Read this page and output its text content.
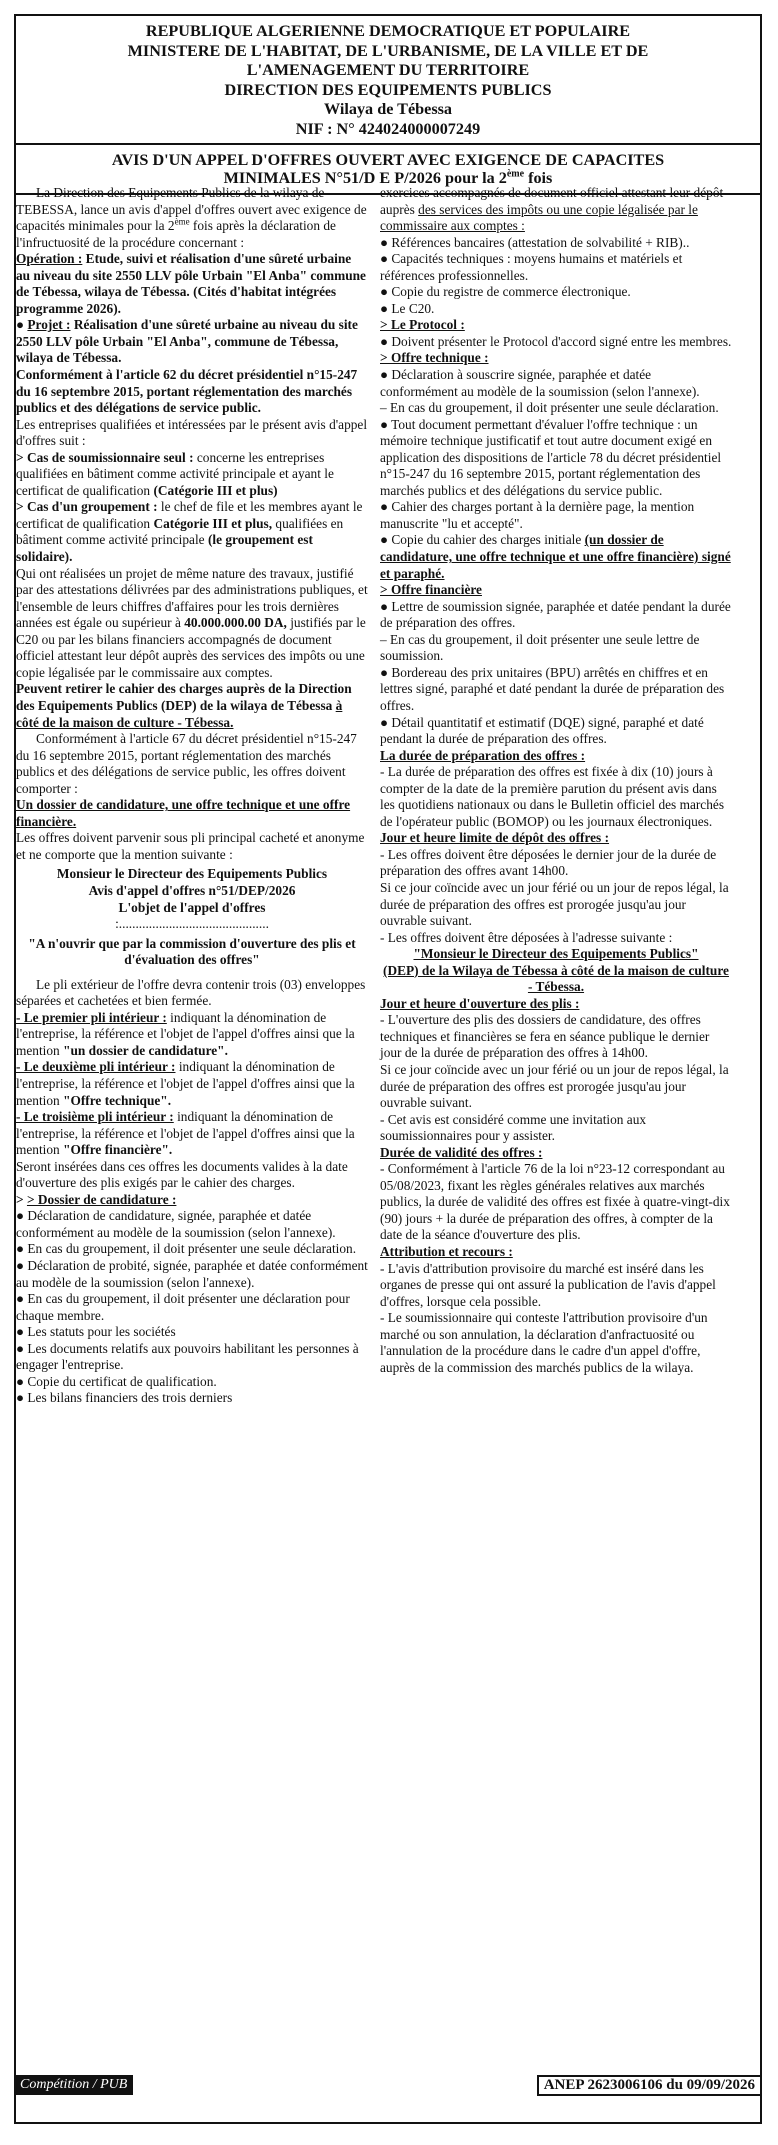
REPUBLIQUE ALGERIENNE DEMOCRATIQUE ET POPULAIRE
MINISTERE DE L'HABITAT, DE L'URBANISME, DE LA VILLE ET DE
L'AMENAGEMENT DU TERRITOIRE
DIRECTION DES EQUIPEMENTS PUBLICS
Wilaya de Tébessa
NIF : N° 424024000007249
AVIS D'UN APPEL D'OFFRES OUVERT AVEC EXIGENCE DE CAPACITES
MINIMALES N°51/D E P/2026 pour la 2ème fois

La Direction des Equipements Publics de la wilaya de TEBESSA, lance un avis d'appel d'offres ouvert avec exigence de capacités minimales pour la 2ème fois après la déclaration de l'infructuosité de la procédure concernant :

Opération : Etude, suivi et réalisation d'une sûreté urbaine au niveau du site 2550 LLV pôle Urbain "El Anba" commune de Tébessa, wilaya de Tébessa. (Cités d'habitat intégrées programme 2026).

● Projet : Réalisation d'une sûreté urbaine au niveau du site 2550 LLV pôle Urbain "El Anba", commune de Tébessa, wilaya de Tébessa.

Conformément à l'article 62 du décret présidentiel n°15-247 du 16 septembre 2015, portant réglementation des marchés publics et des délégations de service public.

Les entreprises qualifiées et intéressées par le présent avis d'appel d'offres suit :

> Cas de soumissionnaire seul : concerne les entreprises qualifiées en bâtiment comme activité principale et ayant le certificat de qualification (Catégorie III et plus)

> Cas d'un groupement : le chef de file et les membres ayant le certificat de qualification Catégorie III et plus, qualifiées en bâtiment comme activité principale (le groupement est solidaire).

Qui ont réalisées un projet de même nature des travaux, justifié par des attestations délivrées par des administrations publiques, et l'ensemble de leurs chiffres d'affaires pour les trois dernières années est égale ou supérieur à 40.000.000.00 DA, justifiés par le C20 ou par les bilans financiers accompagnés de document officiel attestant leur dépôt auprès des services des impôts ou une copie légalisée par le commissaire aux comptes.

Peuvent retirer le cahier des charges auprès de la Direction des Equipements Publics (DEP) de la wilaya de Tébessa à côté de la maison de culture - Tébessa.

Conformément à l'article 67 du décret présidentiel n°15-247 du 16 septembre 2015, portant réglementation des marchés publics et des délégations de service public, les offres doivent comporter :

Un dossier de candidature, une offre technique et une offre financière.

Les offres doivent parvenir sous pli principal cacheté et anonyme et ne comporte que la mention suivante :

Monsieur le Directeur des Equipements Publics

Avis d'appel d'offres n°51/DEP/2026

L'objet de l'appel d'offres

:.............................................

"A n'ouvrir que par la commission d'ouverture des plis et d'évaluation des offres"

Le pli extérieur de l'offre devra contenir trois (03) enveloppes séparées et cachetées et bien fermée.

- Le premier pli intérieur : indiquant la dénomination de l'entreprise, la référence et l'objet de l'appel d'offres ainsi que la mention "un dossier de candidature".

- Le deuxième pli intérieur : indiquant la dénomination de l'entreprise, la référence et l'objet de l'appel d'offres ainsi que la mention "Offre technique".

- Le troisième pli intérieur : indiquant la dénomination de l'entreprise, la référence et l'objet de l'appel d'offres ainsi que la mention "Offre financière".

Seront insérées dans ces offres les documents valides à la date d'ouverture des plis exigés par le cahier des charges.

> > Dossier de candidature :

● Déclaration de candidature, signée, paraphée et datée conformément au modèle de la soumission (selon l'annexe).

● En cas du groupement, il doit présenter une seule déclaration.

● Déclaration de probité, signée, paraphée et datée conformément au modèle de la soumission (selon l'annexe).

● En cas du groupement, il doit présenter une déclaration pour chaque membre.

● Les statuts pour les sociétés

● Les documents relatifs aux pouvoirs habilitant les personnes à engager l'entreprise.

● Copie du certificat de qualification.

● Les bilans financiers des trois derniers

exercices accompagnés de document officiel attestant leur dépôt auprès des services des impôts ou une copie légalisée par le commissaire aux comptes :

● Références bancaires (attestation de solvabilité + RIB)..

● Capacités techniques : moyens humains et matériels et références professionnelles.

● Copie du registre de commerce électronique.

● Le C20.

> Le Protocol :

● Doivent présenter le Protocol d'accord signé entre les membres.

> Offre technique :

● Déclaration à souscrire signée, paraphée et datée conformément au modèle de la soumission (selon l'annexe).

– En cas du groupement, il doit présenter une seule déclaration.

● Tout document permettant d'évaluer l'offre technique : un mémoire technique justificatif et tout autre document exigé en application des dispositions de l'article 78 du décret présidentiel n°15-247 du 16 septembre 2015, portant réglementation des marchés publics et des délégations du service public.

● Cahier des charges portant à la dernière page, la mention manuscrite "lu et accepté".

● Copie du cahier des charges initiale (un dossier de candidature, une offre technique et une offre financière) signé et paraphé.

> Offre financière

● Lettre de soumission signée, paraphée et datée pendant la durée de préparation des offres.

– En cas du groupement, il doit présenter une seule lettre de soumission.

● Bordereau des prix unitaires (BPU) arrêtés en chiffres et en lettres signé, paraphé et daté pendant la durée de préparation des offres.

● Détail quantitatif et estimatif (DQE) signé, paraphé et daté pendant la durée de préparation des offres.

La durée de préparation des offres :

- La durée de préparation des offres est fixée à dix (10) jours à compter de la date de la première parution du présent avis dans les quotidiens nationaux ou dans le Bulletin officiel des marchés de l'opérateur public (BOMOP) ou les journaux électroniques.

Jour et heure limite de dépôt des offres :

- Les offres doivent être déposées le dernier jour de la durée de préparation des offres avant 14h00.

Si ce jour coïncide avec un jour férié ou un jour de repos légal, la durée de préparation des offres est prorogée jusqu'au jour ouvrable suivant.

- Les offres doivent être déposées à l'adresse suivante :

"Monsieur le Directeur des Equipements Publics"

(DEP) de la Wilaya de Tébessa à côté de la maison de culture - Tébessa.

Jour et heure d'ouverture des plis :

- L'ouverture des plis des dossiers de candidature, des offres techniques et financières se fera en séance publique le dernier jour de la durée de préparation des offres à 14h00.

Si ce jour coïncide avec un jour férié ou un jour de repos légal, la durée de préparation des offres est prorogée jusqu'au jour ouvrable suivant.

- Cet avis est considéré comme une invitation aux soumissionnaires pour y assister.

Durée de validité des offres :

- Conformément à l'article 76 de la loi n°23-12 correspondant au 05/08/2023, fixant les règles générales relatives aux marchés publics, la durée de validité des offres est fixée à quatre-vingt-dix (90) jours + la durée de préparation des offres, à compter de la date de la séance d'ouverture des plis.

Attribution et recours :

- L'avis d'attribution provisoire du marché est inséré dans les organes de presse qui ont assuré la publication de l'avis d'appel d'offres, lorsque cela possible.

- Le soumissionnaire qui conteste l'attribution provisoire d'un marché ou son annulation, la déclaration d'anfractuosité ou l'annulation de la procédure dans le cadre d'un appel d'offre, auprès de la commission des marchés publics de la wilaya.

Compétition / PUB	ANEP 2623006106 du 09/09/2026
